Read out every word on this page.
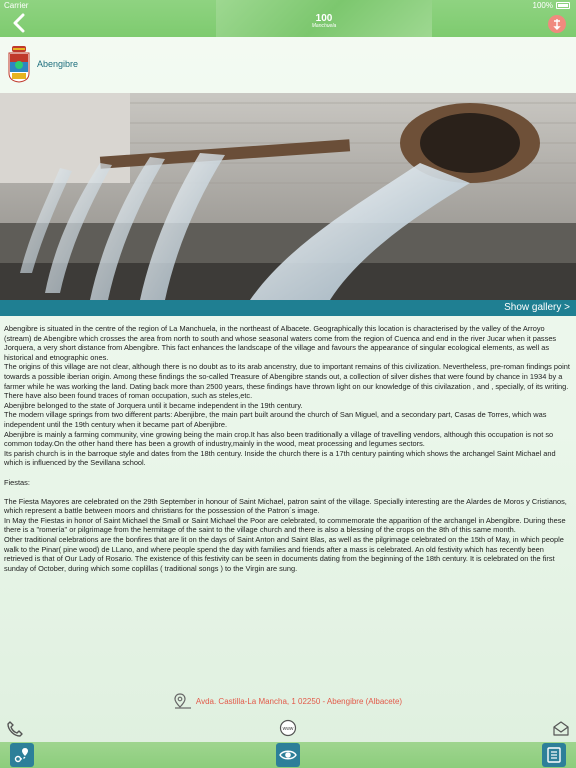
Carrier	100%
100
Manchuela
Abengibre
Show gallery >

Abengibre is situated in the centre of the region of La Manchuela, in the northeast of Albacete. Geographically this location is characterised by the valley of the Arroyo (stream) de Abengibre which crosses the area from north to south and whose seasonal waters come from the region of Cuenca and end in the river Jucar when it passes Jorquera, a very short distance from Abengibre. This fact enhances the landscape of the village and favours the appearance of singular ecological elements, as well as historical and etnographic ones.

The origins of this village are not clear, although there is no doubt as to its arab ancenstry, due to important remains of this civilization. Nevertheless, pre-roman findings point towards a possible iberian origin. Among these findings the so-called Treasure of Abengibre stands out, a collection of silver dishes that were found by chance in 1934 by a farmer while he was working the land. Dating back more than 2500 years, these findings have thrown light on our knowledge of this civilazation , and , specially, of its writing.

There have also been found traces of roman occupation, such as steles,etc.

Abenjibre belonged to the state of Jorquera until it became independent in the 19th century.

The modern village springs from two different parts: Abenjibre, the main part built around the church of San Miguel, and a secondary part, Casas de Torres, which was independent until the 19th century when it became part of Abenjibre.

Abenjibre is mainly a farming community, vine growing being the main crop.It has also been traditionally a village of travelling vendors, although this occupation is not so common today.On the other hand there has been a growth of industry,mainly in the wood, meat processing and legumes sectors.

Its parish church is in the barroque style and dates from the 18th century. Inside the church there is a 17th century painting which shows the archangel Saint Michael and which is influenced by the Sevillana school.

Fiestas:

The Fiesta Mayores are celebrated on the 29th September in honour of Saint Michael, patron saint of the village. Specially interesting are the Alardes de Moros y Cristianos, which represent a battle between moors and christians for the possession of the Patron´s image.

In May the Fiestas in honor of Saint Michael the Small or Saint Michael the Poor are celebrated, to commemorate the apparition of the archangel in Abengibre. During these there is a "romería" or pilgrimage from the hermitage of the saint to the village church and there is also a blessing of the crops on the 8th of this same month.

Other traditional celebrations are the bonfires that are lit on the days of Saint Anton and Saint Blas, as well as the pilgrimage celebrated on the 15th of May, in which people walk to the Pinar( pine wood) de LLano, and where people spend the day with families and friends after a mass is celebrated. An old festivity which has recently been retrieved is that of Our Lady of Rosario. The existence of this festivity can be seen in documents dating from the beginning of the 18th century. It is celebrated on the first sunday of October, during which some coplillas ( traditional songs ) to the Virgin are sung.

Avda. Castilla-La Mancha, 1 02250 - Abengibre (Albacete)
www
